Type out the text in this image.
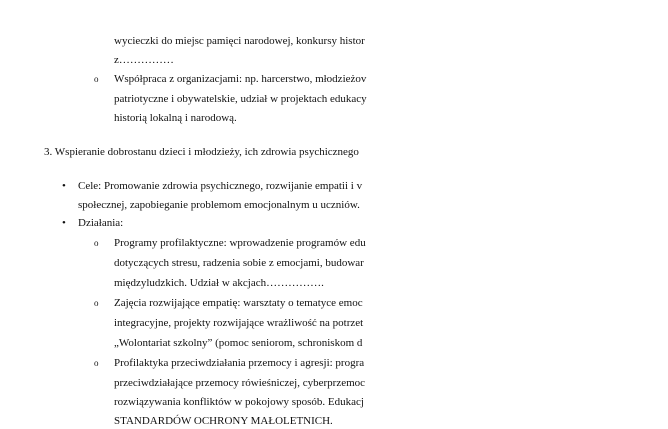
wycieczki do miejsc pamięci narodowej, konkursy histor
z……………
o Współpraca z organizacjami: np. harcerstwo, młodzieżov
patriotyczne i obywatelskie, udział w projektach edukacy
historią lokalną i narodową.
3. Wspieranie dobrostanu dzieci i młodzieży, ich zdrowia psychicznego
• Cele: Promowanie zdrowia psychicznego, rozwijanie empatii i v
społecznej, zapobieganie problemom emocjonalnym u uczniów.
• Działania:
o Programy profilaktyczne: wprowadzenie programów edu
dotyczących stresu, radzenia sobie z emocjami, budowar
międzyludzkich. Udział w akcjach…………….
o Zajęcia rozwijające empatię: warsztaty o tematyce emoc
integracyjne, projekty rozwijające wrażliwość na potrzet
„Wolontariat szkolny” (pomoc seniorom, schroniskom d
o Profilaktyka przeciwdziałania przemocy i agresji: progra
przeciwdziałające przemocy rówieśniczej, cyberprzemoc
rozwiązywania konfliktów w pokojowy sposób. Edukacj
STANDARDÓW OCHRONY MAŁOLETNICH.
